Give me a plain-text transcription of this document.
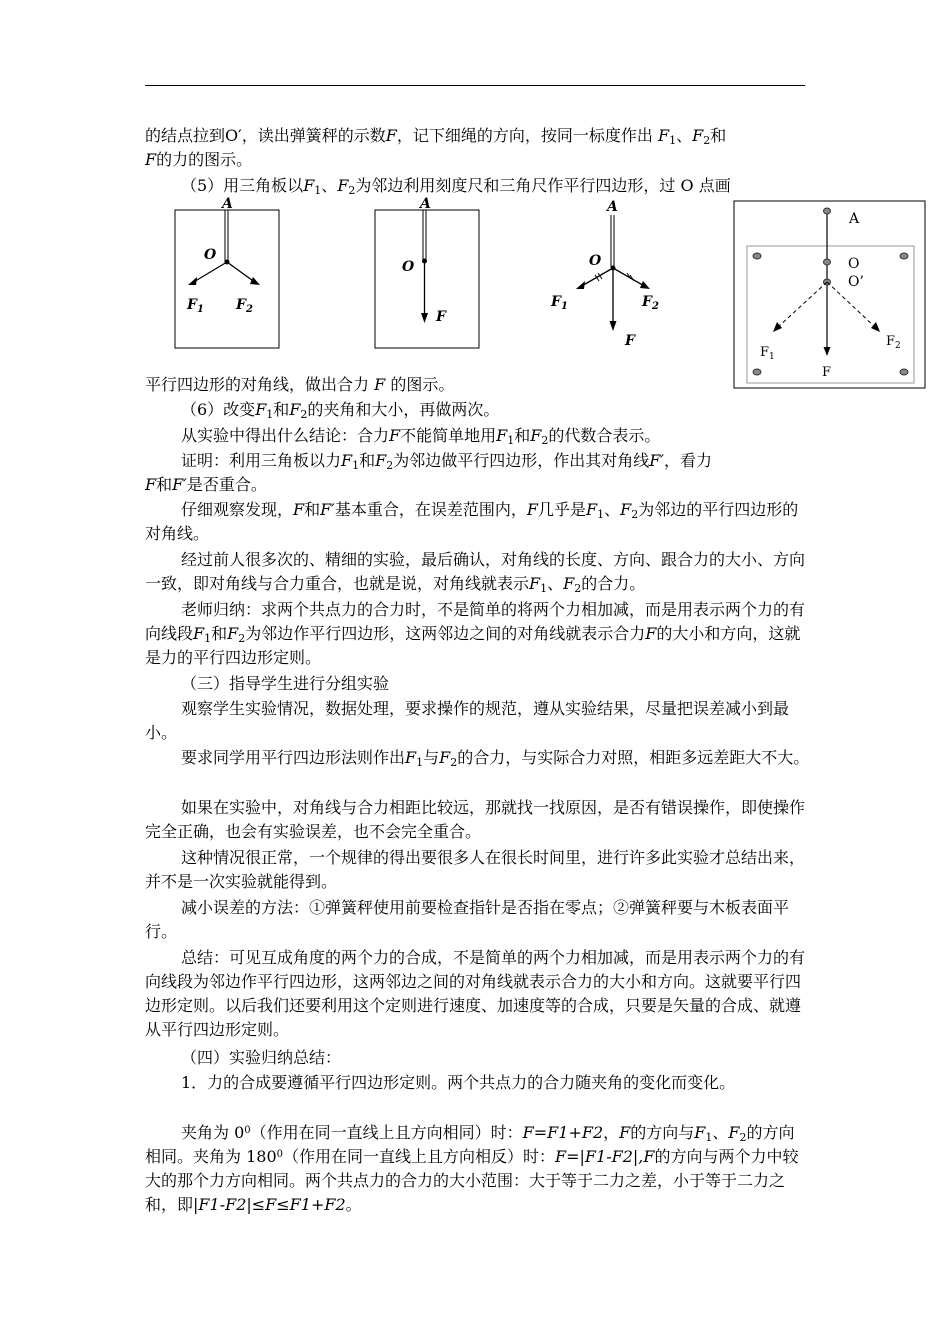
的结点拉到O′，读出弹簧秤的示数F，记下细绳的方向，按同一标度作出 $F_1$、$F_2$和
F的力的图示。

（5）用三角板以$F_1$、$F_2$为邻边利用刻度尺和三角尺作平行四边形，过 O 点画

A
O
$F_1$ $F_2$
A
O
F
A
O
$F_1$	$F_2$
F
A
O
O’
$F_1$
$F_2$
F

平行四边形的对角线，做出合力 F 的图示。

（6）改变$F_1$和$F_2$的夹角和大小，再做两次。

从实验中得出什么结论：合力F不能简单地用$F_1$和$F_2$的代数合表示。

证明：利用三角板以力$F_1$和$F_2$为邻边做平行四边形，作出其对角线F′，看力
F和F′是否重合。

仔细观察发现，F和F′基本重合，在误差范围内，F几乎是$F_1$、$F_2$为邻边的平行四边形的对角线。

经过前人很多次的、精细的实验，最后确认，对角线的长度、方向、跟合力的大小、方向一致，即对角线与合力重合，也就是说，对角线就表示$F_1$、$F_2$的合力。

老师归纳：求两个共点力的合力时，不是简单的将两个力相加减，而是用表示两个力的有向线段$F_1$和$F_2$为邻边作平行四边形，这两邻边之间的对角线就表示合力F的大小和方向，这就是力的平行四边形定则。

（三）指导学生进行分组实验

观察学生实验情况，数据处理，要求操作的规范，遵从实验结果，尽量把误差减小到最小。

要求同学用平行四边形法则作出$F_1$与$F_2$的合力，与实际合力对照，相距多远差距大不大。

如果在实验中，对角线与合力相距比较远，那就找一找原因，是否有错误操作，即使操作完全正确，也会有实验误差，也不会完全重合。

这种情况很正常，一个规律的得出要很多人在很长时间里，进行许多此实验才总结出来，并不是一次实验就能得到。

减小误差的方法：①弹簧秤使用前要检查指针是否指在零点；②弹簧秤要与木板表面平行。

总结：可见互成角度的两个力的合成，不是简单的两个力相加减，而是用表示两个力的有向线段为邻边作平行四边形，这两邻边之间的对角线就表示合力的大小和方向。这就要平行四边形定则。以后我们还要利用这个定则进行速度、加速度等的合成，只要是矢量的合成、就遵从平行四边形定则。

（四）实验归纳总结：

1．力的合成要遵循平行四边形定则。两个共点力的合力随夹角的变化而变化。

夹角为 $0^0$（作用在同一直线上且方向相同）时：F=F1+F2，F的方向与$F_1$、$F_2$的方向相同。夹角为 $180^0$（作用在同一直线上且方向相反）时：F=|F1-F2|,F的方向与两个力中较大的那个力方向相同。两个共点力的合力的大小范围：大于等于二力之差，小于等于二力之和，即|F1-F2|≤F≤F1+F2。
